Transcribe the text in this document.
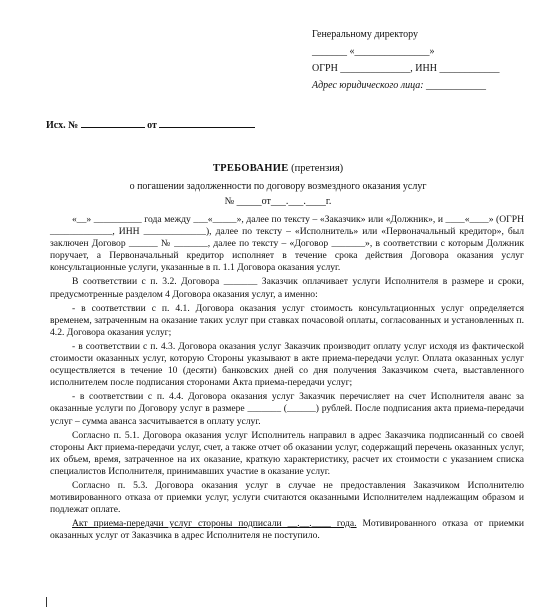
Генеральному директору
_______ «_______________»
ОГРН ______________, ИНН ____________
Адрес юридического лица: ____________
Исх. №	от
ТРЕБОВАНИЕ (претензия)
о погашении задолженности по договору возмездного оказания услуг
№ _____от___.___.____г.

«__» __________ года между ___«_____», далее по тексту – «Заказчик» или «Должник», и ____«____» (ОГРН _____________, ИНН _____________), далее по тексту – «Исполнитель» или «Первоначальный кредитор», был заключен Договор ______ № _______, далее по тексту – «Договор _______», в соответствии с которым Должник поручает, а Первоначальный кредитор исполняет в течение срока действия Договора оказания услуг консультационные услуги, указанные в п. 1.1 Договора оказания услуг.

В соответствии с п. 3.2. Договора _______ Заказчик оплачивает услуги Исполнителя в размере и сроки, предусмотренные разделом 4 Договора оказания услуг, а именно:

- в соответствии с п. 4.1. Договора оказания услуг стоимость консультационных услуг определяется временем, затраченным на оказание таких услуг при ставках почасовой оплаты, согласованных и установленных п. 4.2. Договора оказания услуг;

- в соответствии с п. 4.3. Договора оказания услуг Заказчик производит оплату услуг исходя из фактической стоимости оказанных услуг, которую Стороны указывают в акте приема-передачи услуг. Оплата оказанных услуг осуществляется в течение 10 (десяти) банковских дней со дня получения Заказчиком счета, выставленного исполнителем после подписания сторонами Акта приема-передачи услуг;

- в соответствии с п. 4.4. Договора оказания услуг Заказчик перечисляет на счет Исполнителя аванс за оказанные услуги по Договору услуг в размере _______ (______) рублей. После подписания акта приема-передачи услуг – сумма аванса засчитывается в оплату услуг.

Согласно п. 5.1. Договора оказания услуг Исполнитель направил в адрес Заказчика подписанный со своей стороны Акт приема-передачи услуг, счет, а также отчет об оказании услуг, содержащий перечень оказанных услуг, их объем, время, затраченное на их оказание, краткую характеристику, расчет их стоимости с указанием списка специалистов Исполнителя, принимавших участие в оказание услуг.

Согласно п. 5.3. Договора оказания услуг в случае не предоставления Заказчиком Исполнителю мотивированного отказа от приемки услуг, услуги считаются оказанными Исполнителем надлежащим образом и подлежат оплате.

Акт приема-передачи услуг стороны подписали __.__.____ года. Мотивированного отказа от приемки оказанных услуг от Заказчика в адрес Исполнителя не поступило.
